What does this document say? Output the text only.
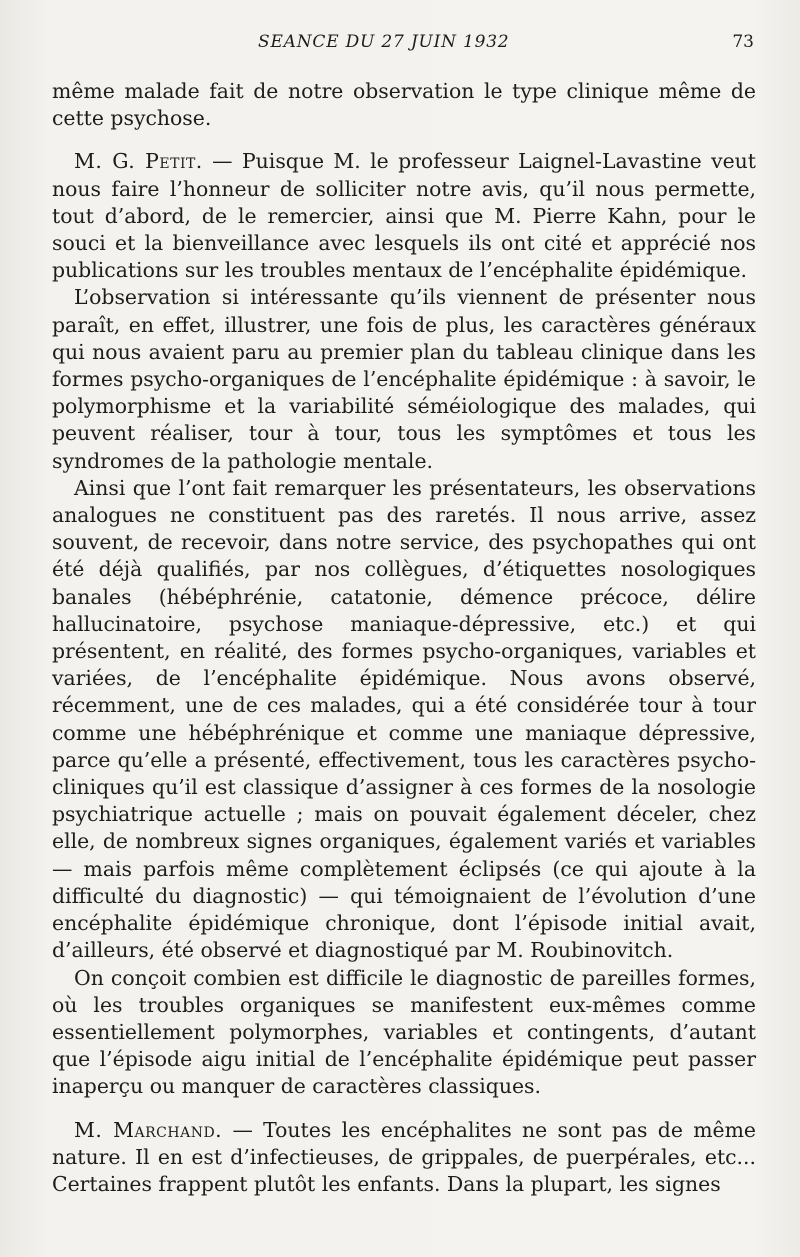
SEANCE DU 27 JUIN 1932	73

même malade fait de notre observation le type clinique même de cette psychose.

M. G. Petit. — Puisque M. le professeur Laignel-Lavastine veut nous faire l’honneur de solliciter notre avis, qu’il nous permette, tout d’abord, de le remercier, ainsi que M. Pierre Kahn, pour le souci et la bienveillance avec lesquels ils ont cité et apprécié nos publications sur les troubles mentaux de l’encéphalite épidémique.

L’observation si intéressante qu’ils viennent de présenter nous paraît, en effet, illustrer, une fois de plus, les caractères généraux qui nous avaient paru au premier plan du tableau clinique dans les formes psycho-organiques de l’encéphalite épidémique : à savoir, le polymorphisme et la variabilité séméiologique des malades, qui peuvent réaliser, tour à tour, tous les symptômes et tous les syndromes de la pathologie mentale.

Ainsi que l’ont fait remarquer les présentateurs, les observations analogues ne constituent pas des raretés. Il nous arrive, assez souvent, de recevoir, dans notre service, des psychopathes qui ont été déjà qualifiés, par nos collègues, d’étiquettes nosologiques banales (hébéphrénie, catatonie, démence précoce, délire hallucinatoire, psychose maniaque-dépressive, etc.) et qui présentent, en réalité, des formes psycho-organiques, variables et variées, de l’encéphalite épidémique. Nous avons observé, récemment, une de ces malades, qui a été considérée tour à tour comme une hébéphrénique et comme une maniaque dépressive, parce qu’elle a présenté, effectivement, tous les caractères psycho-cliniques qu’il est classique d’assigner à ces formes de la nosologie psychiatrique actuelle ; mais on pouvait également déceler, chez elle, de nombreux signes organiques, également variés et variables — mais parfois même complètement éclipsés (ce qui ajoute à la difficulté du diagnostic) — qui témoignaient de l’évolution d’une encéphalite épidémique chronique, dont l’épisode initial avait, d’ailleurs, été observé et diagnostiqué par M. Roubinovitch.

On conçoit combien est difficile le diagnostic de pareilles formes, où les troubles organiques se manifestent eux-mêmes comme essentiellement polymorphes, variables et contingents, d’autant que l’épisode aigu initial de l’encéphalite épidémique peut passer inaperçu ou manquer de caractères classiques.

M. Marchand. — Toutes les encéphalites ne sont pas de même nature. Il en est d’infectieuses, de grippales, de puerpérales, etc... Certaines frappent plutôt les enfants. Dans la plupart, les signes
